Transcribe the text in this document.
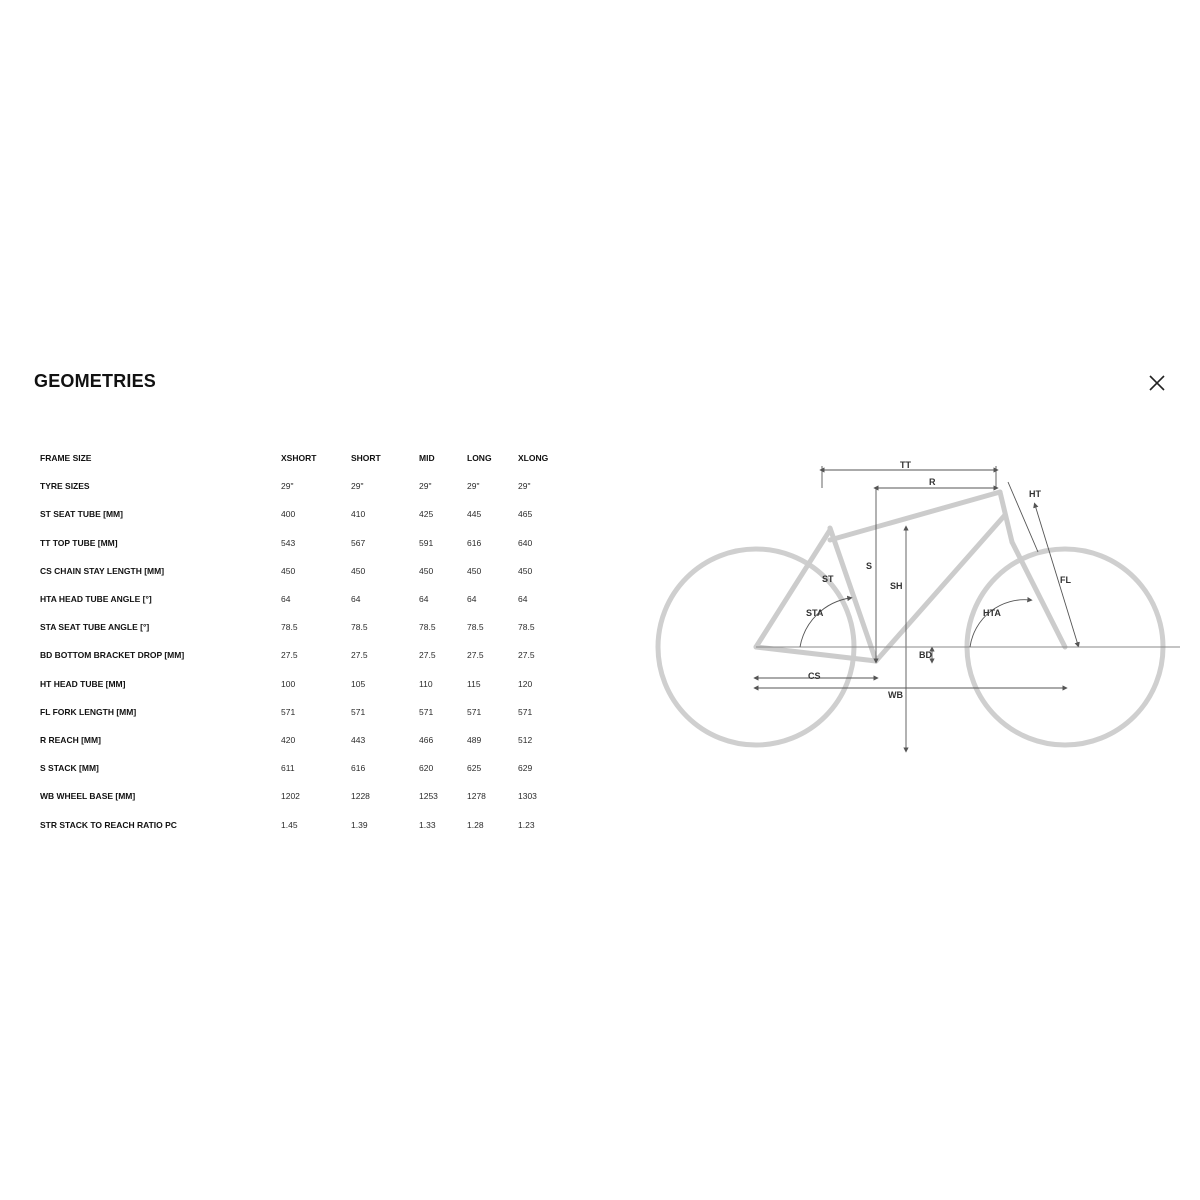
GEOMETRIES
FRAME SIZE	XSHORT	SHORT	MID	LONG	XLONG
TYRE SIZES	29"	29"	29"	29"	29"
ST SEAT TUBE [MM]	400	410	425	445	465
TT TOP TUBE [MM]	543	567	591	616	640
CS CHAIN STAY LENGTH [MM]	450	450	450	450	450
HTA HEAD TUBE ANGLE [°]	64	64	64	64	64
STA SEAT TUBE ANGLE [°]	78.5	78.5	78.5	78.5	78.5
BD BOTTOM BRACKET DROP [MM]	27.5	27.5	27.5	27.5	27.5
HT HEAD TUBE [MM]	100	105	110	115	120
FL FORK LENGTH [MM]	571	571	571	571	571
R REACH [MM]	420	443	466	489	512
S STACK [MM]	611	616	620	625	629
WB WHEEL BASE [MM]	1202	1228	1253	1278	1303
STR STACK TO REACH RATIO PC	1.45	1.39	1.33	1.28	1.23
TT
R
HT
S
SH
ST
STA
FL
HTA
BD
CS
WB
